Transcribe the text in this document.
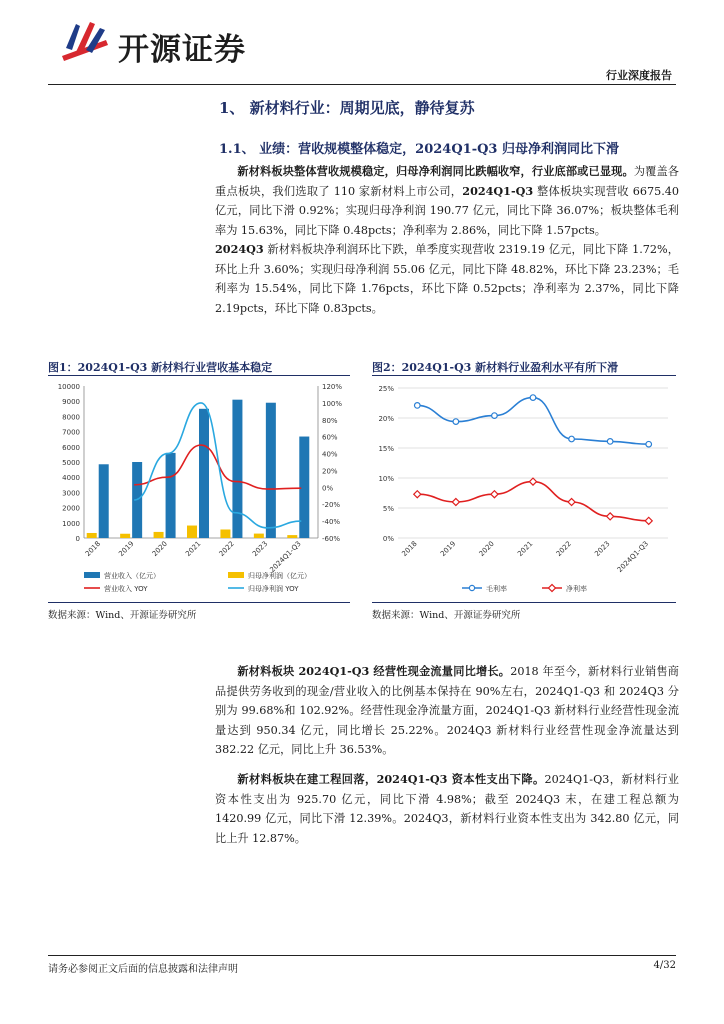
开源证券
行业深度报告
1、 新材料行业：周期见底，静待复苏
1.1、 业绩：营收规模整体稳定，2024Q1-Q3 归母净利润同比下滑

新材料板块整体营收规模稳定，归母净利润同比跌幅收窄，行业底部或已显现。为覆盖各重点板块，我们选取了 110 家新材料上市公司，2024Q1-Q3 整体板块实现营收 6675.40 亿元，同比下滑 0.92%；实现归母净利润 190.77 亿元，同比下降 36.07%；板块整体毛利率为 15.63%，同比下降 0.48pcts；净利率为 2.86%，同比下降 1.57pcts。
2024Q3 新材料板块净利润环比下跌，单季度实现营收 2319.19 亿元，同比下降 1.72%，环比上升 3.60%；实现归母净利润 55.06 亿元，同比下降 48.82%，环比下降 23.23%；毛利率为 15.54%，同比下降 1.76pcts，环比下降 0.52pcts；净利率为 2.37%，同比下降 2.19pcts，环比下降 0.83pcts。

图1：2024Q1-Q3 新材料行业营收基本稳定	图2：2024Q1-Q3 新材料行业盈利水平有所下滑
0
1000
2000
3000
4000
5000
6000
7000
8000
9000
10000
-60%
-40%
-20%
0%
20%
40%
60%
80%
100%
120%
2018 2019 2020 2021 2022 2023 2024Q1-Q3
营业收入（亿元）	归母净利润（亿元）
营业收入 YOY	归母净利润 YOY
0%
5%
10%
15%
20%
25%
2018	2019	2020	2021	2022	2023 2024Q1-Q3
毛利率	净利率
数据来源：Wind、开源证券研究所	数据来源：Wind、开源证券研究所

新材料板块 2024Q1-Q3 经营性现金流量同比增长。2018 年至今，新材料行业销售商品提供劳务收到的现金/营业收入的比例基本保持在 90%左右，2024Q1-Q3 和 2024Q3 分别为 99.68%和 102.92%。经营性现金净流量方面，2024Q1-Q3 新材料行业经营性现金流量达到 950.34 亿元，同比增长 25.22%。2024Q3 新材料行业经营性现金净流量达到 382.22 亿元，同比上升 36.53%。

新材料板块在建工程回落，2024Q1-Q3 资本性支出下降。2024Q1-Q3，新材料行业资本性支出为 925.70 亿元，同比下滑 4.98%；截至 2024Q3 末，在建工程总额为 1420.99 亿元，同比下滑 12.39%。2024Q3，新材料行业资本性支出为 342.80 亿元，同比上升 12.87%。

请务必参阅正文后面的信息披露和法律声明	4/32
